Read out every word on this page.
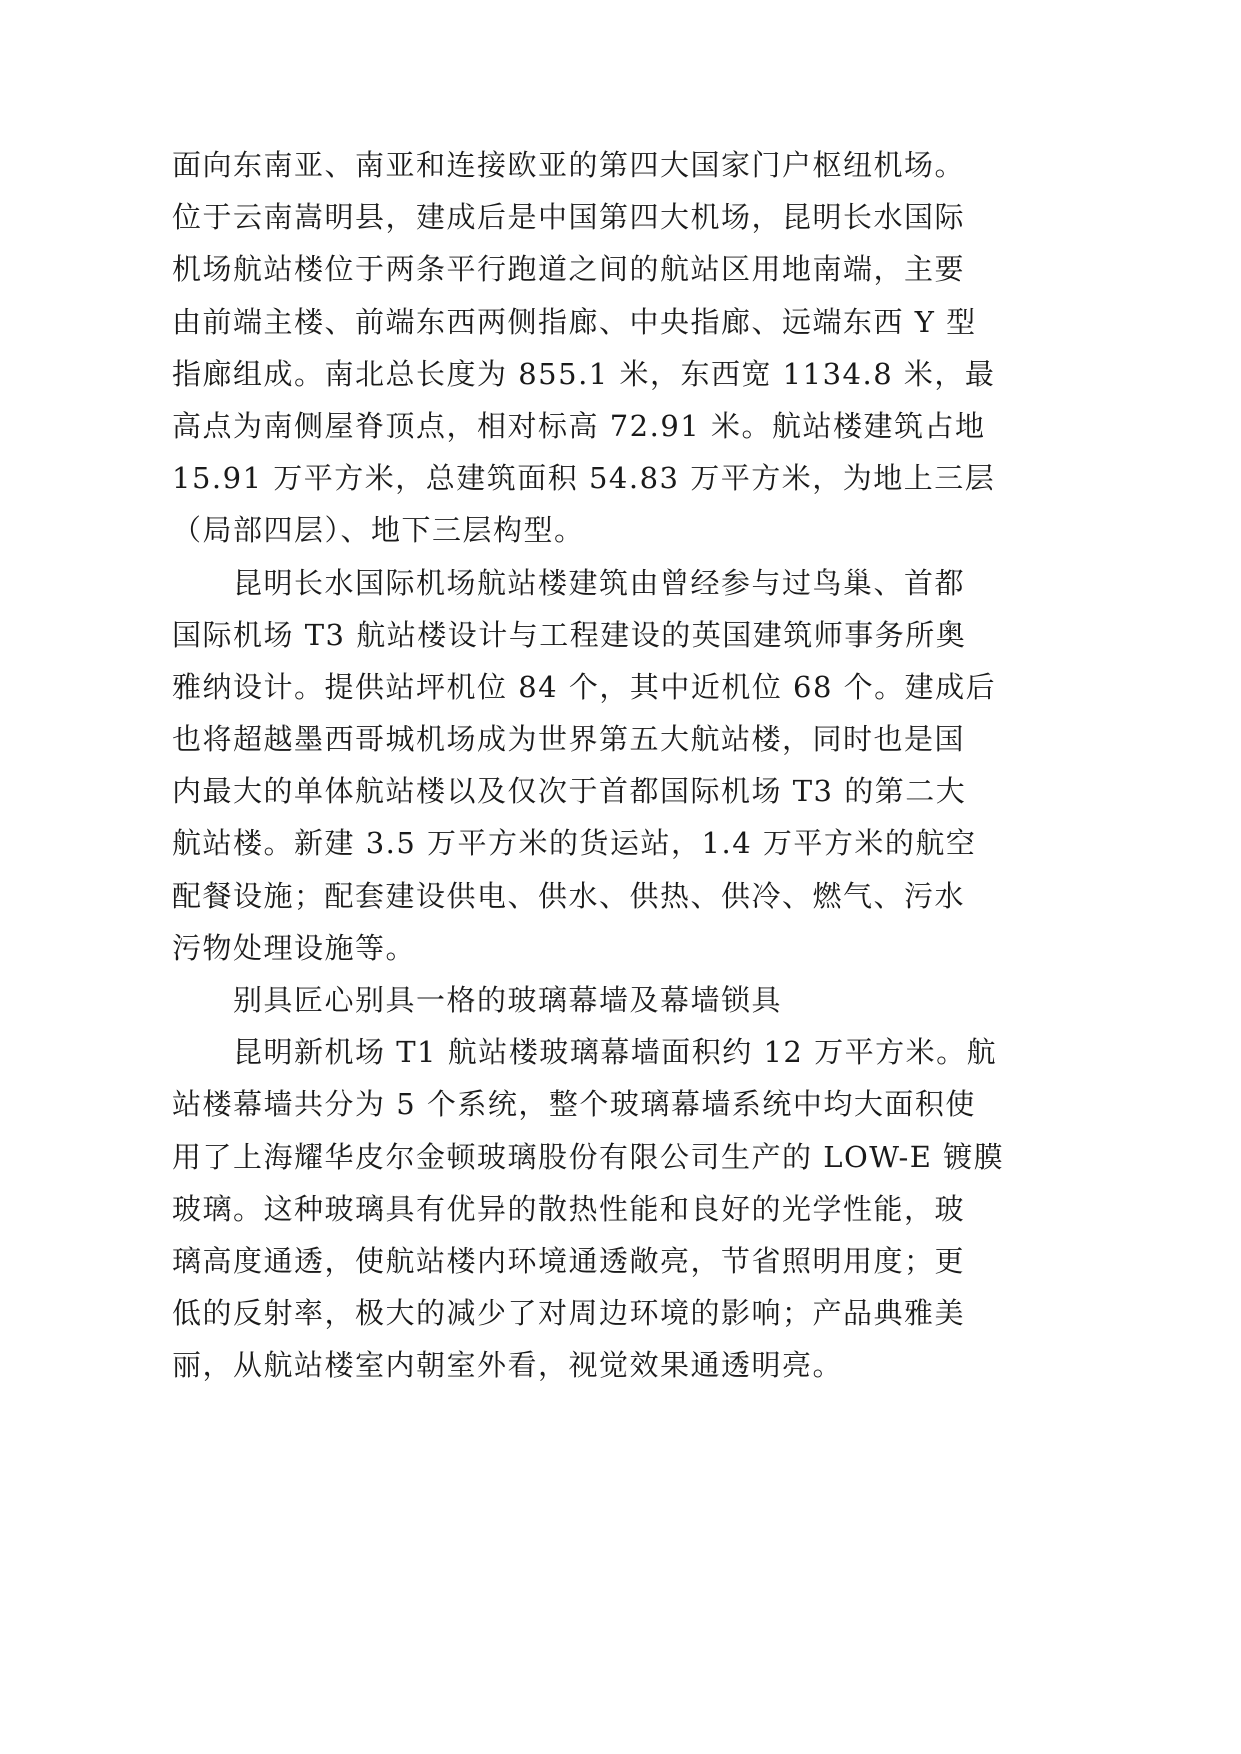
面向东南亚、南亚和连接欧亚的第四大国家门户枢纽机场。
位于云南嵩明县，建成后是中国第四大机场，昆明长水国际
机场航站楼位于两条平行跑道之间的航站区用地南端，主要
由前端主楼、前端东西两侧指廊、中央指廊、远端东西 Y 型
指廊组成。南北总长度为 855.1 米，东西宽 1134.8 米，最
高点为南侧屋脊顶点，相对标高 72.91 米。航站楼建筑占地
15.91 万平方米，总建筑面积 54.83 万平方米，为地上三层
（局部四层）、地下三层构型。
昆明长水国际机场航站楼建筑由曾经参与过鸟巢、首都
国际机场 T3 航站楼设计与工程建设的英国建筑师事务所奥
雅纳设计。提供站坪机位 84 个，其中近机位 68 个。建成后
也将超越墨西哥城机场成为世界第五大航站楼，同时也是国
内最大的单体航站楼以及仅次于首都国际机场 T3 的第二大
航站楼。新建 3.5 万平方米的货运站，1.4 万平方米的航空
配餐设施；配套建设供电、供水、供热、供冷、燃气、污水
污物处理设施等。
别具匠心别具一格的玻璃幕墙及幕墙锁具
昆明新机场 T1 航站楼玻璃幕墙面积约 12 万平方米。航
站楼幕墙共分为 5 个系统，整个玻璃幕墙系统中均大面积使
用了上海耀华皮尔金顿玻璃股份有限公司生产的 LOW-E 镀膜
玻璃。这种玻璃具有优异的散热性能和良好的光学性能，玻
璃高度通透，使航站楼内环境通透敞亮，节省照明用度；更
低的反射率，极大的减少了对周边环境的影响；产品典雅美
丽，从航站楼室内朝室外看，视觉效果通透明亮。
